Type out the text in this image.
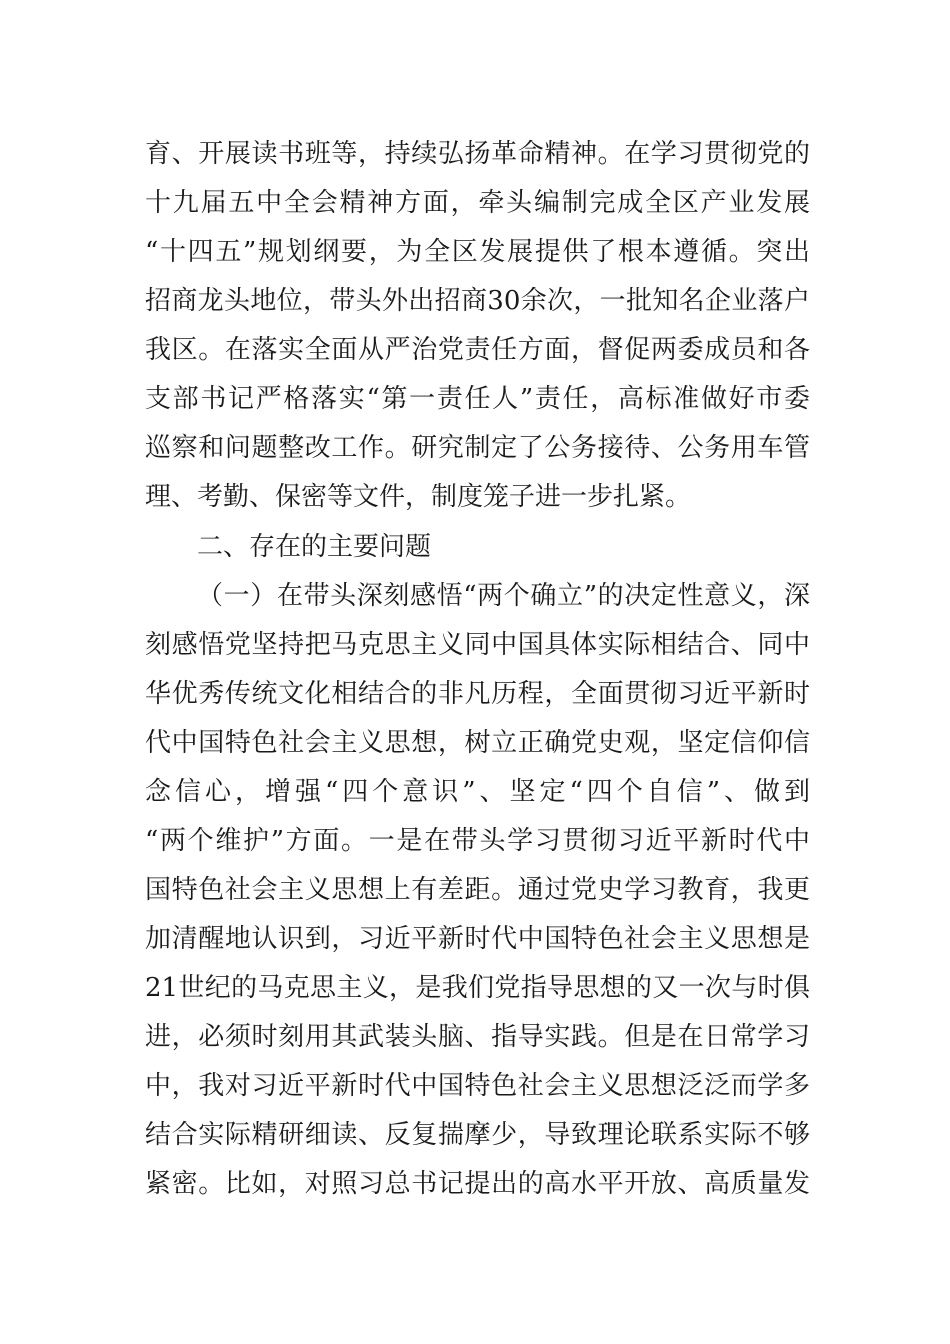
育、开展读书班等，持续弘扬革命精神。在学习贯彻党的
十九届五中全会精神方面，牵头编制完成全区产业发展
“十四五”规划纲要，为全区发展提供了根本遵循。突出
招商龙头地位，带头外出招商30余次，一批知名企业落户
我区。在落实全面从严治党责任方面，督促两委成员和各
支部书记严格落实“第一责任人”责任，高标准做好市委
巡察和问题整改工作。研究制定了公务接待、公务用车管
理、考勤、保密等文件，制度笼子进一步扎紧。
二、存在的主要问题
（一）在带头深刻感悟“两个确立”的决定性意义，深
刻感悟党坚持把马克思主义同中国具体实际相结合、同中
华优秀传统文化相结合的非凡历程，全面贯彻习近平新时
代中国特色社会主义思想，树立正确党史观，坚定信仰信
念信心，增强“四个意识”、坚定“四个自信”、做到
“两个维护”方面。一是在带头学习贯彻习近平新时代中
国特色社会主义思想上有差距。通过党史学习教育，我更
加清醒地认识到，习近平新时代中国特色社会主义思想是
21世纪的马克思主义，是我们党指导思想的又一次与时俱
进，必须时刻用其武装头脑、指导实践。但是在日常学习
中，我对习近平新时代中国特色社会主义思想泛泛而学多
结合实际精研细读、反复揣摩少，导致理论联系实际不够
紧密。比如，对照习总书记提出的高水平开放、高质量发
